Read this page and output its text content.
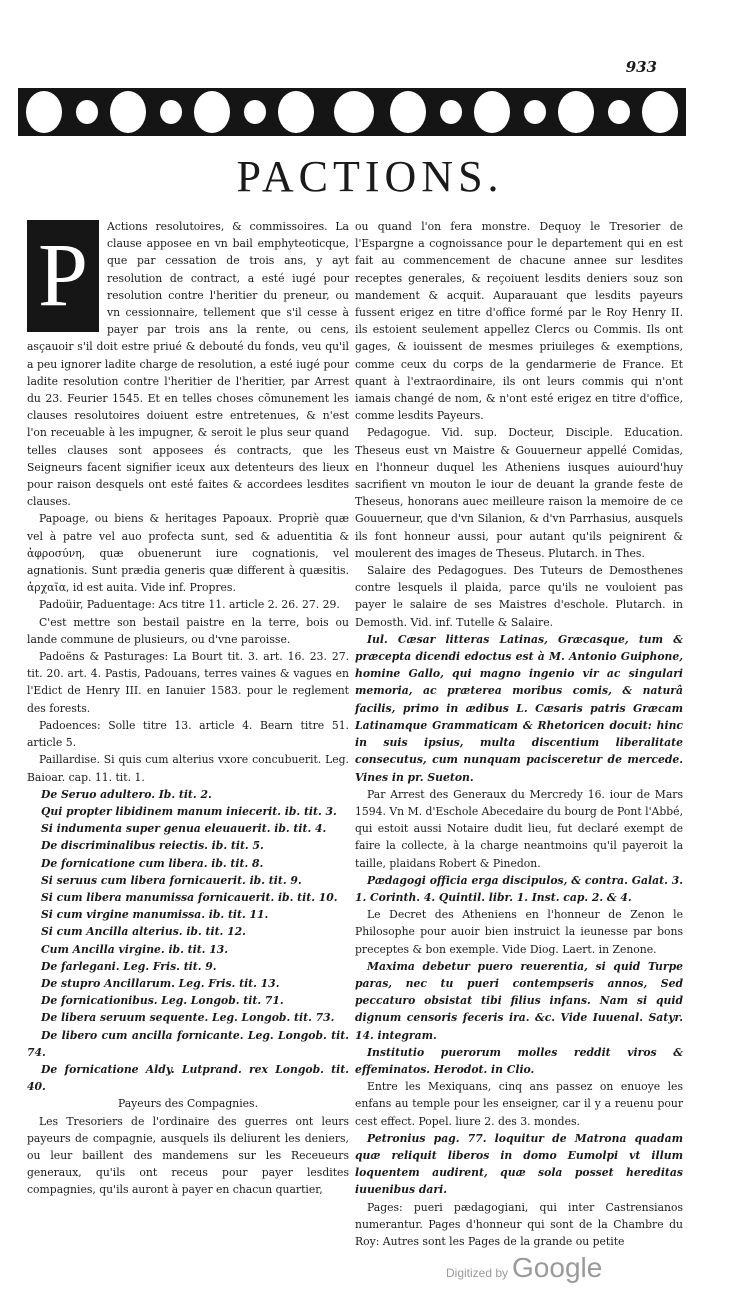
933
PACTIONS.
P	Actions resolutoires, & commissoires. La clause apposee en vn bail emphyteoticque, que par cessation de trois ans, y ayt resolution de contract, a esté iugé pour resolution contre l'heritier du preneur, ou vn cessionnaire, tellement que s'il cesse à payer par trois ans la rente, ou cens, asçauoir s'il doit estre priué & debouté du fonds, veu qu'il a peu ignorer ladite charge de resolution, a esté iugé pour ladite resolution contre l'heritier de l'heritier, par Arrest du 23. Feurier 1545. Et en telles choses cõmunement les clauses resolutoires doiuent estre entretenues, & n'est l'on receuable à les impugner, & seroit le plus seur quand telles clauses sont apposees és contracts, que les Seigneurs facent signifier iceux aux detenteurs des lieux pour raison desquels ont esté faites & accordees lesdites clauses.

Papoage, ou biens & heritages Papoaux. Propriè quæ vel à patre vel auo profecta sunt, sed & aduentitia & ἀφροσύνη, quæ obuenerunt iure cognationis, vel agnationis. Sunt prædia generis quæ different à quæsitis. ἀρχαῖα, id est auita. Vide inf. Propres.

Padoüir, Paduentage: Acs titre 11. article 2. 26. 27. 29.

C'est mettre son bestail paistre en la terre, bois ou lande commune de plusieurs, ou d'vne paroisse.

Padoëns & Pasturages: La Bourt tit. 3. art. 16. 23. 27. tit. 20. art. 4. Pastis, Padouans, terres vaines & vagues en l'Edict de Henry III. en Ianuier 1583. pour le reglement des forests.

Padoences: Solle titre 13. article 4. Bearn titre 51. article 5.

Paillardise. Si quis cum alterius vxore concubuerit. Leg. Baioar. cap. 11. tit. 1.

De Seruo adultero. Ib. tit. 2.

Qui propter libidinem manum iniecerit. ib. tit. 3.

Si indumenta super genua eleuauerit. ib. tit. 4.

De discriminalibus reiectis. ib. tit. 5.

De fornicatione cum libera. ib. tit. 8.

Si seruus cum libera fornicauerit. ib. tit. 9.

Si cum libera manumissa fornicauerit. ib. tit. 10.

Si cum virgine manumissa. ib. tit. 11.

Si cum Ancilla alterius. ib. tit. 12.

Cum Ancilla virgine. ib. tit. 13.

De farlegani. Leg. Fris. tit. 9.

De stupro Ancillarum. Leg. Fris. tit. 13.

De fornicationibus. Leg. Longob. tit. 71.

De libera seruum sequente. Leg. Longob. tit. 73.

De libero cum ancilla fornicante. Leg. Longob. tit. 74.

De fornicatione Aldy. Lutprand. rex Longob. tit. 40.

Payeurs des Compagnies.

Les Tresoriers de l'ordinaire des guerres ont leurs payeurs de compagnie, ausquels ils deliurent les deniers, ou leur baillent des mandemens sur les Receueurs generaux, qu'ils ont receus pour payer lesdites compagnies, qu'ils auront à payer en chacun quartier,

ou quand l'on fera monstre. Dequoy le Tresorier de l'Espargne a cognoissance pour le departement qui en est fait au commencement de chacune annee sur lesdites receptes generales, & reçoiuent lesdits deniers souz son mandement & acquit. Auparauant que lesdits payeurs fussent erigez en titre d'office formé par le Roy Henry II. ils estoient seulement appellez Clercs ou Commis. Ils ont gages, & iouissent de mesmes priuileges & exemptions, comme ceux du corps de la gendarmerie de France. Et quant à l'extraordinaire, ils ont leurs commis qui n'ont iamais changé de nom, & n'ont esté erigez en titre d'office, comme lesdits Payeurs.

Pedagogue. Vid. sup. Docteur, Disciple. Education. Theseus eust vn Maistre & Gouuerneur appellé Comidas, en l'honneur duquel les Atheniens iusques auiourd'huy sacrifient vn mouton le iour de deuant la grande feste de Theseus, honorans auec meilleure raison la memoire de ce Gouuerneur, que d'vn Silanion, & d'vn Parrhasius, ausquels ils font honneur aussi, pour autant qu'ils peignirent & moulerent des images de Theseus. Plutarch. in Thes.

Salaire des Pedagogues. Des Tuteurs de Demosthenes contre lesquels il plaida, parce qu'ils ne vouloient pas payer le salaire de ses Maistres d'eschole. Plutarch. in Demosth. Vid. inf. Tutelle & Salaire.

Iul. Cæsar litteras Latinas, Græcasque, tum & præcepta dicendi edoctus est à M. Antonio Guiphone, homine Gallo, qui magno ingenio vir ac singulari memoria, ac præterea moribus comis, & naturâ facilis, primo in ædibus L. Cæsaris patris Græcam Latinamque Grammaticam & Rhetoricen docuit: hinc in suis ipsius, multa discentium liberalitate consecutus, cum nunquam paciscеretur de mercede. Vines in pr. Sueton.

Par Arrest des Generaux du Mercredy 16. iour de Mars 1594. Vn M. d'Eschole Abecedaire du bourg de Pont l'Abbé, qui estoit aussi Notaire dudit lieu, fut declaré exempt de faire la collecte, à la charge neantmoins qu'il payeroit la taille, plaidans Robert & Pinedon.

Pædagogi officia erga discipulos, & contra. Galat. 3. 1. Corinth. 4. Quintil. libr. 1. Inst. cap. 2. & 4.

Le Decret des Atheniens en l'honneur de Zenon le Philosophe pour auoir bien instruict la ieunesse par bons preceptes & bon exemple. Vide Diog. Laert. in Zenone.

Maxima debetur puero reuerentia, si quid Turpe paras, nec tu pueri contempseris annos, Sed peccaturo obsistat tibi filius infans. Nam si quid dignum censoris feceris ira. &c. Vide Iuuenal. Satyr. 14. integram.

Institutio puerorum molles reddit viros & effeminatos. Herodot. in Clio.

Entre les Mexiquans, cinq ans passez on enuoye les enfans au temple pour les enseigner, car il y a reuenu pour cest effect. Popel. liure 2. des 3. mondes.

Petronius pag. 77. loquitur de Matrona quadam quæ reliquit liberos in domo Eumolpi vt illum loquentem audirent, quæ sola posset hereditas iuuenibus dari.

Pages: pueri pædagogiani, qui inter Castrensianos numerantur. Pages d'honneur qui sont de la Chambre du Roy: Autres sont les Pages de la grande ou petite

Digitized by Google
